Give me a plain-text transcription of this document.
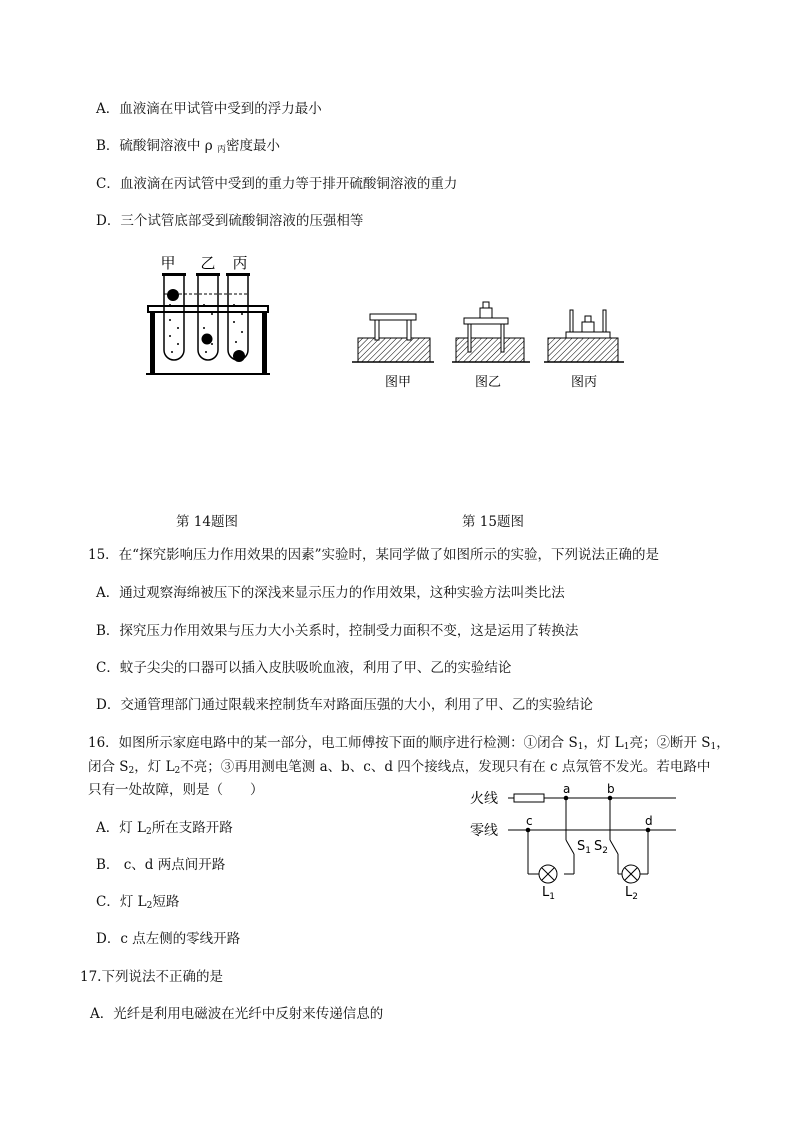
A．血液滴在甲试管中受到的浮力最小
B．硫酸铜溶液中 ρ $_丙$密度最小
C．血液滴在丙试管中受到的重力等于排开硫酸铜溶液的重力
D．三个试管底部受到硫酸铜溶液的压强相等
甲 乙 丙
图甲	图乙	图丙
第 14题图	第 15题图
15．在“探究影响压力作用效果的因素”实验时，某同学做了如图所示的实验，下列说法正确的是
A．通过观察海绵被压下的深浅来显示压力的作用效果，这种实验方法叫类比法
B．探究压力作用效果与压力大小关系时，控制受力面积不变，这是运用了转换法
C．蚊子尖尖的口器可以插入皮肤吸吮血液，利用了甲、乙的实验结论
D．交通管理部门通过限载来控制货车对路面压强的大小，利用了甲、乙的实验结论
16．如图所示家庭电路中的某一部分，电工师傅按下面的顺序进行检测：①闭合 $S_1$，灯 $L_1$亮；②断开 $S_1$，
闭合 $S_2$，灯 $L_2$不亮；③再用测电笔测 a、b、c、d 四个接线点，发现只有在 c 点氖管不发光。若电路中
只有一处故障，则是（　　）
A．灯 $L_2$所在支路开路
B． c、d 两点间开路
C．灯 $L_2$短路
D．c 点左侧的零线开路
火线
零线
a	b
c	d
$S_1$
$L_1$
$S_2$
$L_2$
17.下列说法不正确的是
A．光纤是利用电磁波在光纤中反射来传递信息的
